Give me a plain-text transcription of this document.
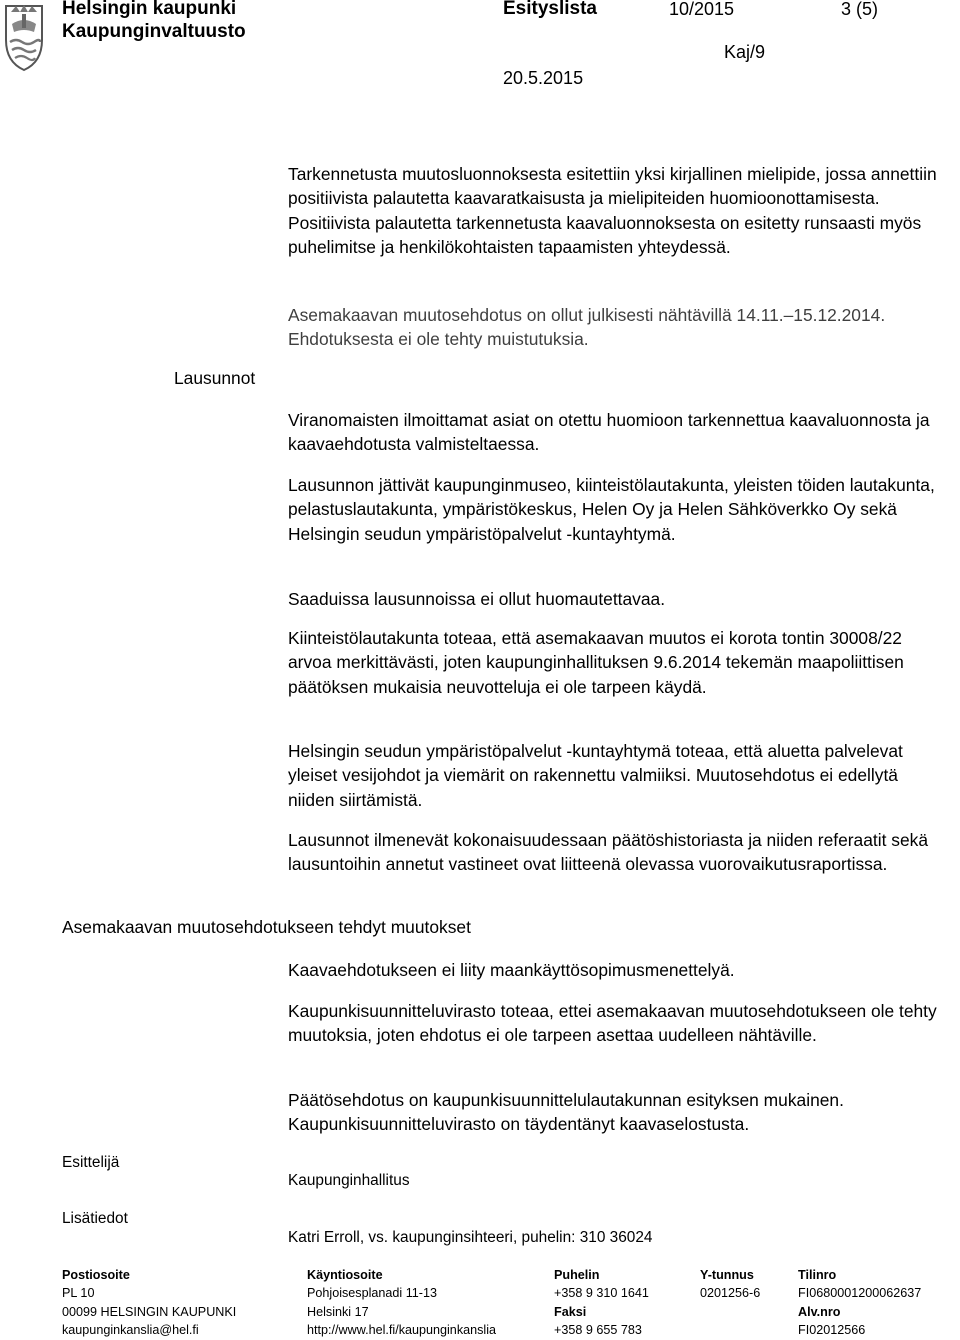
Helsingin kaupunki
Kaupunginvaltuusto
Esityslista	10/2015	3 (5)
Kaj/9
20.5.2015
Tarkennetusta muutosluonnoksesta esitettiin yksi kirjallinen mielipide, jossa annettiin positiivista palautetta kaavaratkaisusta ja mielipiteiden huomioonottamisesta. Positiivista palautetta tarkennetusta kaavaluonnoksesta on esitetty runsaasti myös puhelimitse ja henkilökohtaisten tapaamisten yhteydessä.
Asemakaavan muutosehdotus on ollut julkisesti nähtävillä 14.11.–15.12.2014. Ehdotuksesta ei ole tehty muistutuksia.
Lausunnot
Viranomaisten ilmoittamat asiat on otettu huomioon tarkennettua kaavaluonnosta ja kaavaehdotusta valmisteltaessa.
Lausunnon jättivät kaupunginmuseo, kiinteistölautakunta, yleisten töiden lautakunta, pelastuslautakunta, ympäristökeskus, Helen Oy ja Helen Sähköverkko Oy sekä Helsingin seudun ympäristöpalvelut -kuntayhtymä.
Saaduissa lausunnoissa ei ollut huomautettavaa.
Kiinteistölautakunta toteaa, että asemakaavan muutos ei korota tontin 30008/22 arvoa merkittävästi, joten kaupunginhallituksen 9.6.2014 tekemän maapoliittisen päätöksen mukaisia neuvotteluja ei ole tarpeen käydä.
Helsingin seudun ympäristöpalvelut -kuntayhtymä toteaa, että aluetta palvelevat yleiset vesijohdot ja viemärit on rakennettu valmiiksi. Muutosehdotus ei edellytä niiden siirtämistä.
Lausunnot ilmenevät kokonaisuudessaan päätöshistoriasta ja niiden referaatit sekä lausuntoihin annetut vastineet ovat liitteenä olevassa vuorovaikutusraportissa.
Asemakaavan muutosehdotukseen tehdyt muutokset
Kaavaehdotukseen ei liity maankäyttösopimusmenettelyä.
Kaupunkisuunnitteluvirasto toteaa, ettei asemakaavan muutosehdotukseen ole tehty muutoksia, joten ehdotus ei ole tarpeen asettaa uudelleen nähtäville.
Päätösehdotus on kaupunkisuunnittelulautakunnan esityksen mukainen. Kaupunkisuunnitteluvirasto on täydentänyt kaavaselostusta.
Esittelijä
Kaupunginhallitus
Lisätiedot
Katri Erroll, vs. kaupunginsihteeri, puhelin: 310 36024
Postiosoite
PL 10
00099 HELSINGIN KAUPUNKI
kaupunginkanslia@hel.fi
Käyntiosoite
Pohjoisesplanadi 11-13
Helsinki 17
http://www.hel.fi/kaupunginkanslia
Puhelin
+358 9 310 1641
Faksi
+358 9 655 783
Y-tunnus
0201256-6
Tilinro
FI0680001200062637
Alv.nro
FI02012566
